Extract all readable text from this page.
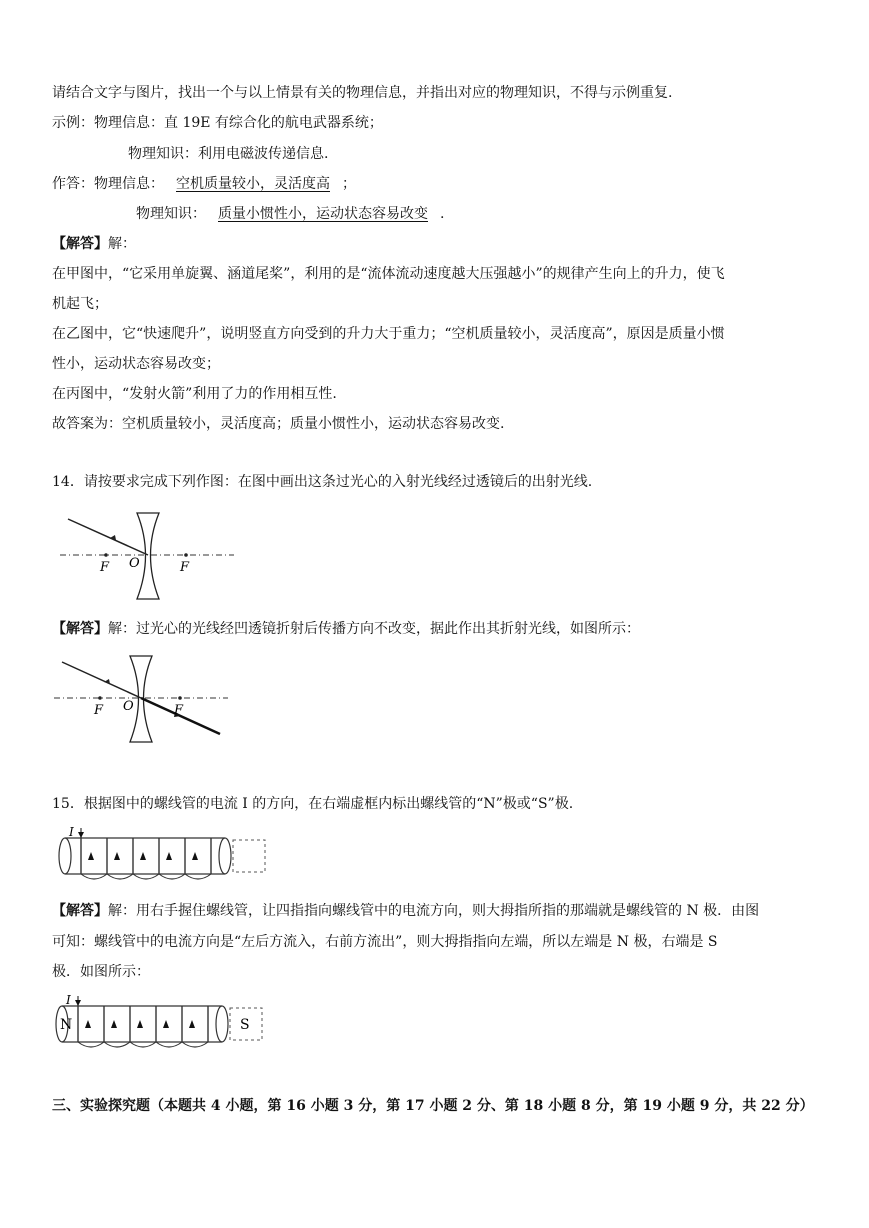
请结合文字与图片，找出一个与以上情景有关的物理信息，并指出对应的物理知识，不得与示例重复.
示例：物理信息：直 19E 有综合化的航电武器系统；
物理知识：利用电磁波传递信息.
作答：物理信息： 空机质量较小，灵活度高 ；
物理知识： 质量小惯性小，运动状态容易改变 .
【解答】解：
在甲图中，“它采用单旋翼、涵道尾桨”，利用的是“流体流动速度越大压强越小”的规律产生向上的升力，使飞
机起飞；
在乙图中，它“快速爬升”，说明竖直方向受到的升力大于重力；“空机质量较小，灵活度高”，原因是质量小惯
性小，运动状态容易改变；
在丙图中，“发射火箭”利用了力的作用相互性.
故答案为：空机质量较小，灵活度高；质量小惯性小，运动状态容易改变.
14．请按要求完成下列作图：在图中画出这条过光心的入射光线经过透镜后的出射光线.
F O	F
【解答】解：过光心的光线经凹透镜折射后传播方向不改变，据此作出其折射光线，如图所示：
F O	F
15．根据图中的螺线管的电流 I 的方向，在右端虚框内标出螺线管的“N”极或“S”极.
I
【解答】解：用右手握住螺线管，让四指指向螺线管中的电流方向，则大拇指所指的那端就是螺线管的 N 极．由图
可知：螺线管中的电流方向是“左后方流入，右前方流出”，则大拇指指向左端，所以左端是 N 极，右端是 S
极．如图所示：
I
N	S
三、实验探究题（本题共 4 小题，第 16 小题 3 分，第 17 小题 2 分、第 18 小题 8 分，第 19 小题 9 分，共 22 分）
